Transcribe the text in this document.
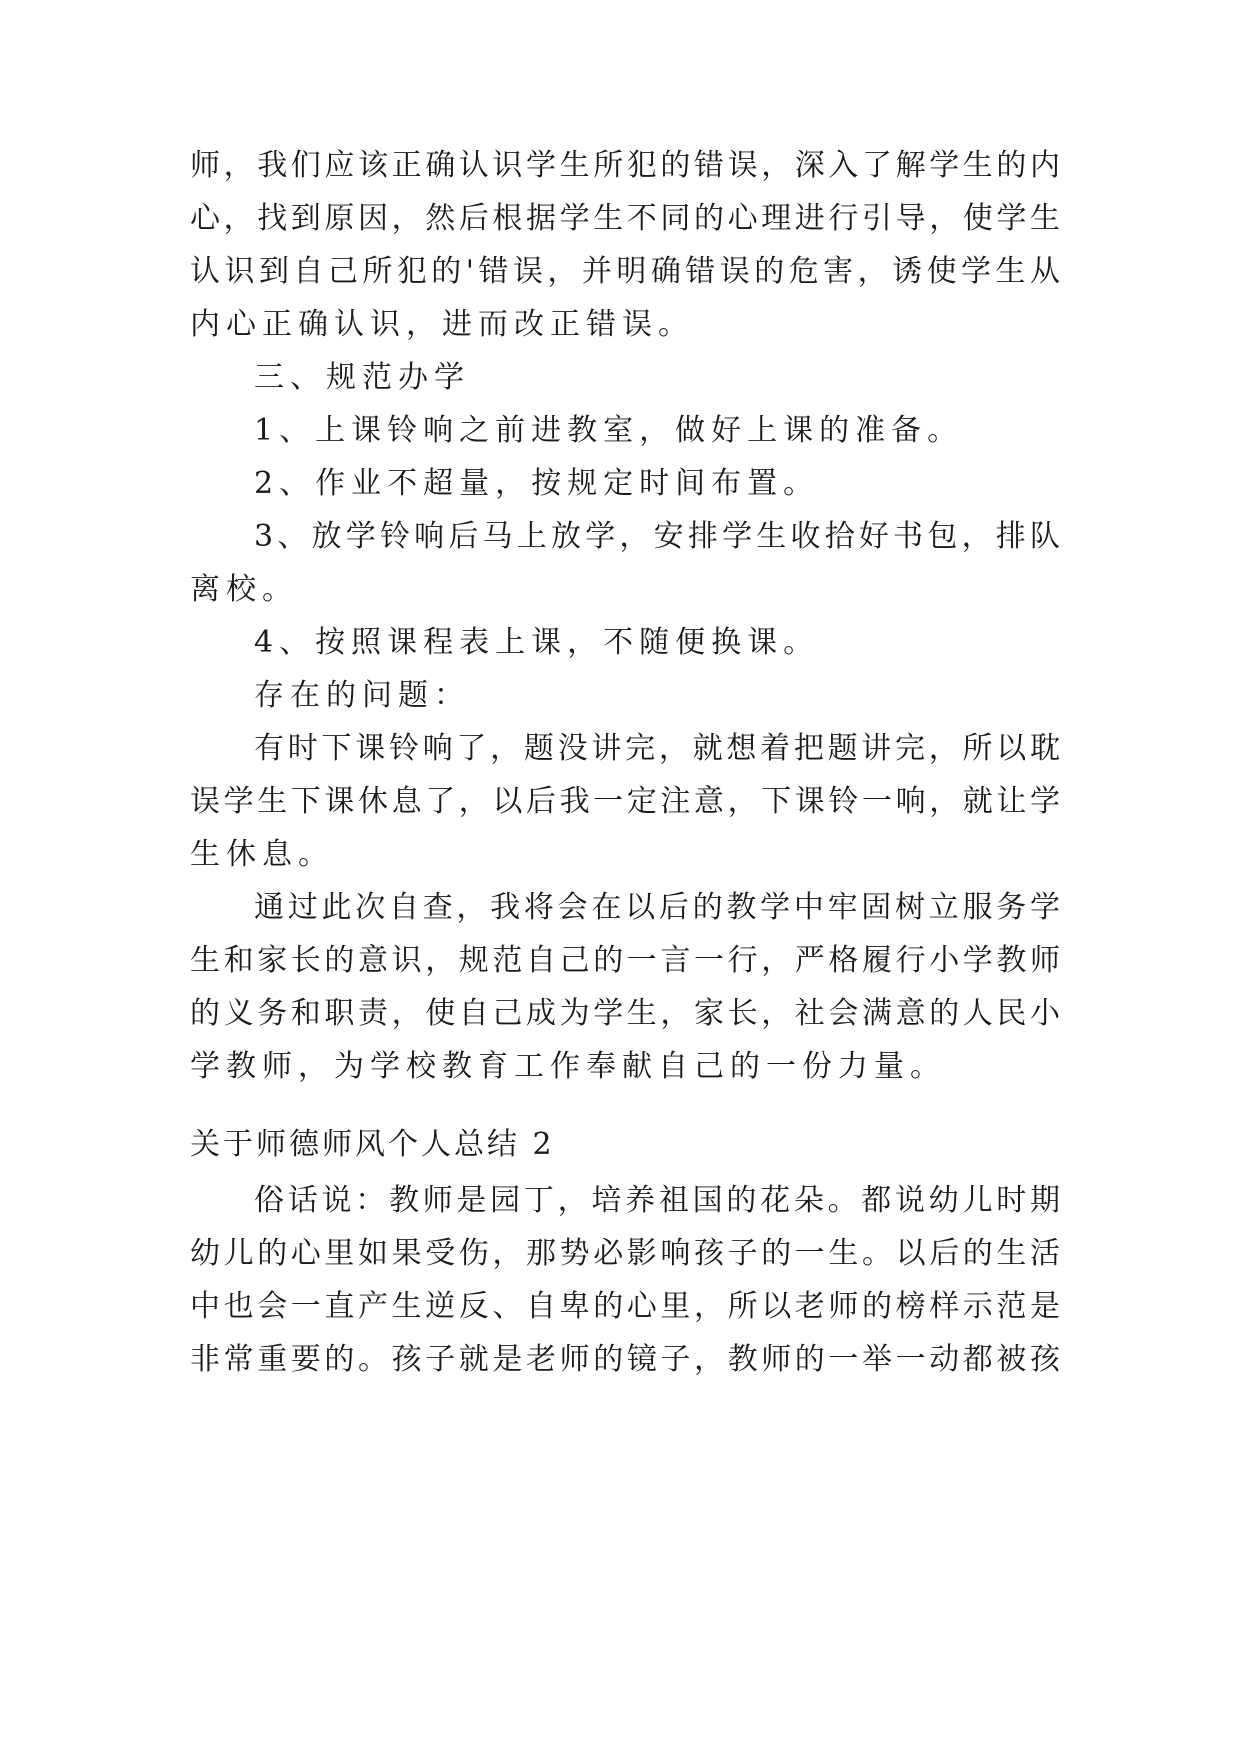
师，我们应该正确认识学生所犯的错误，深入了解学生的内
心，找到原因，然后根据学生不同的心理进行引导，使学生
认识到自己所犯的'错误，并明确错误的危害，诱使学生从
内心正确认识，进而改正错误。
三、规范办学
1、上课铃响之前进教室，做好上课的准备。
2、作业不超量，按规定时间布置。
3、放学铃响后马上放学，安排学生收拾好书包，排队
离校。
4、按照课程表上课，不随便换课。
存在的问题：
有时下课铃响了，题没讲完，就想着把题讲完，所以耽
误学生下课休息了，以后我一定注意，下课铃一响，就让学
生休息。
通过此次自查，我将会在以后的教学中牢固树立服务学
生和家长的意识，规范自己的一言一行，严格履行小学教师
的义务和职责，使自己成为学生，家长，社会满意的人民小
学教师，为学校教育工作奉献自己的一份力量。
关于师德师风个人总结 2
俗话说：教师是园丁，培养祖国的花朵。都说幼儿时期
幼儿的心里如果受伤，那势必影响孩子的一生。以后的生活
中也会一直产生逆反、自卑的心里，所以老师的榜样示范是
非常重要的。孩子就是老师的镜子，教师的一举一动都被孩
